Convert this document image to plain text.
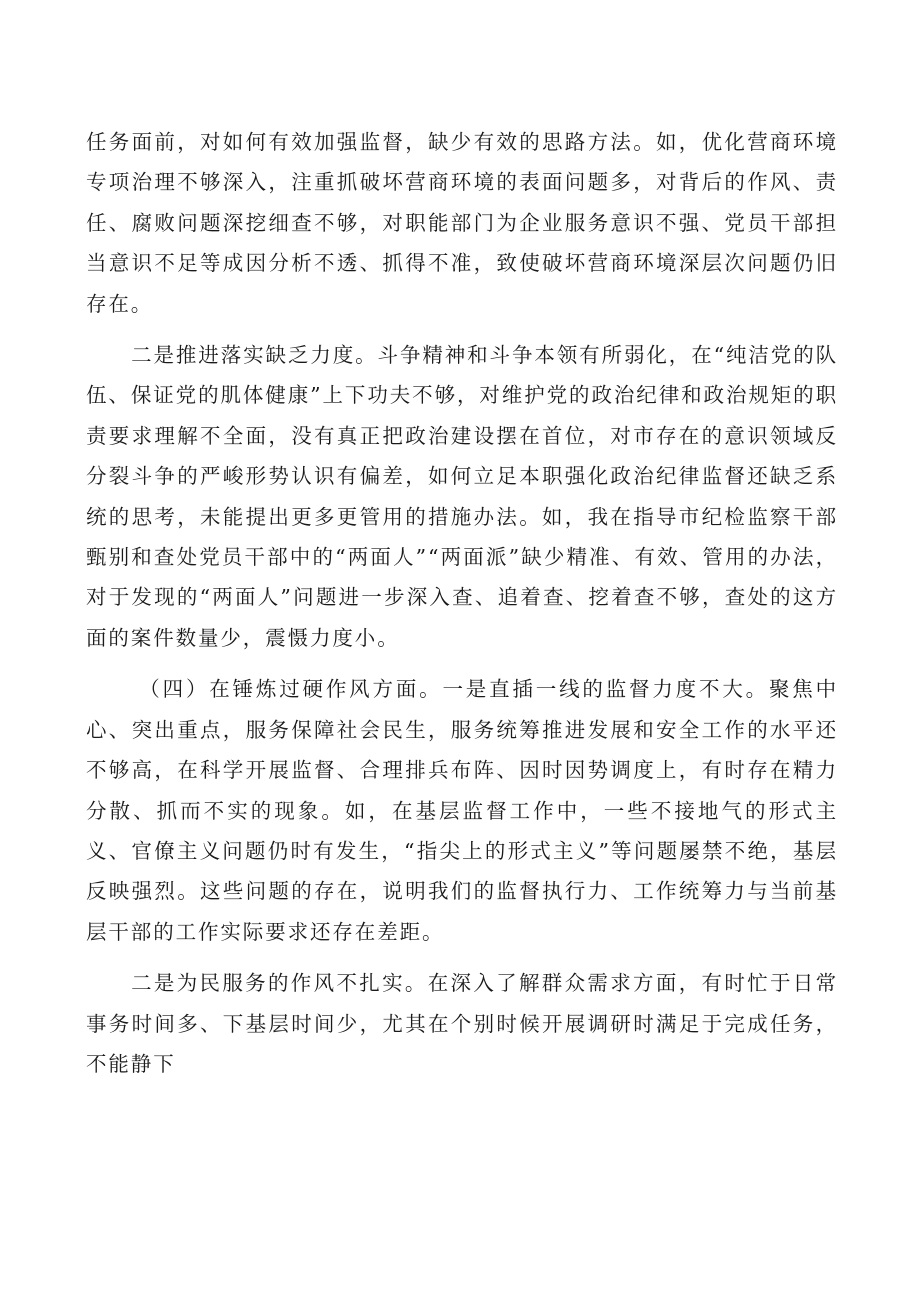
任务面前，对如何有效加强监督，缺少有效的思路方法。如，优化营商环境专项治理不够深入，注重抓破坏营商环境的表面问题多，对背后的作风、责任、腐败问题深挖细查不够，对职能部门为企业服务意识不强、党员干部担当意识不足等成因分析不透、抓得不准，致使破坏营商环境深层次问题仍旧存在。

二是推进落实缺乏力度。斗争精神和斗争本领有所弱化，在“纯洁党的队伍、保证党的肌体健康”上下功夫不够，对维护党的政治纪律和政治规矩的职责要求理解不全面，没有真正把政治建设摆在首位，对市存在的意识领域反分裂斗争的严峻形势认识有偏差，如何立足本职强化政治纪律监督还缺乏系统的思考，未能提出更多更管用的措施办法。如，我在指导市纪检监察干部甄别和查处党员干部中的“两面人”“两面派”缺少精准、有效、管用的办法，对于发现的“两面人”问题进一步深入查、追着查、挖着查不够，查处的这方面的案件数量少，震慑力度小。

（四）在锤炼过硬作风方面。一是直插一线的监督力度不大。聚焦中心、突出重点，服务保障社会民生，服务统筹推进发展和安全工作的水平还不够高，在科学开展监督、合理排兵布阵、因时因势调度上，有时存在精力分散、抓而不实的现象。如，在基层监督工作中，一些不接地气的形式主义、官僚主义问题仍时有发生，“指尖上的形式主义”等问题屡禁不绝，基层反映强烈。这些问题的存在，说明我们的监督执行力、工作统筹力与当前基层干部的工作实际要求还存在差距。

二是为民服务的作风不扎实。在深入了解群众需求方面，有时忙于日常事务时间多、下基层时间少，尤其在个别时候开展调研时满足于完成任务，不能静下
